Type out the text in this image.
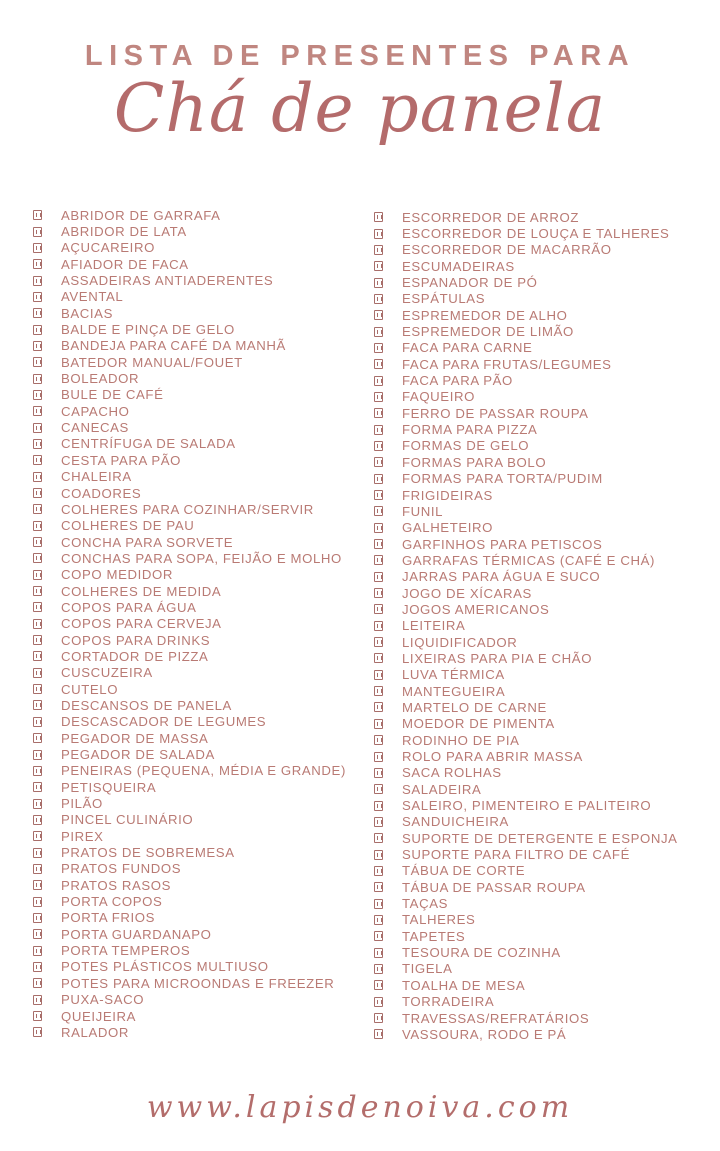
LISTA DE PRESENTES PARA
Chá de panela
ABRIDOR DE GARRAFA
ABRIDOR DE LATA
AÇUCAREIRO
AFIADOR DE FACA
ASSADEIRAS ANTIADERENTES
AVENTAL
BACIAS
BALDE E PINÇA DE GELO
BANDEJA PARA CAFÉ DA MANHÃ
BATEDOR MANUAL/FOUET
BOLEADOR
BULE DE CAFÉ
CAPACHO
CANECAS
CENTRÍFUGA DE SALADA
CESTA PARA PÃO
CHALEIRA
COADORES
COLHERES PARA COZINHAR/SERVIR
COLHERES DE PAU
CONCHA PARA SORVETE
CONCHAS PARA SOPA, FEIJÃO E MOLHO
COPO MEDIDOR
COLHERES DE MEDIDA
COPOS PARA ÁGUA
COPOS PARA CERVEJA
COPOS PARA DRINKS
CORTADOR DE PIZZA
CUSCUZEIRA
CUTELO
DESCANSOS DE PANELA
DESCASCADOR DE LEGUMES
PEGADOR DE MASSA
PEGADOR DE SALADA
PENEIRAS (PEQUENA, MÉDIA E GRANDE)
PETISQUEIRA
PILÃO
PINCEL CULINÁRIO
PIREX
PRATOS DE SOBREMESA
PRATOS FUNDOS
PRATOS RASOS
PORTA COPOS
PORTA FRIOS
PORTA GUARDANAPO
PORTA TEMPEROS
POTES PLÁSTICOS MULTIUSO
POTES PARA MICROONDAS E FREEZER
PUXA-SACO
QUEIJEIRA
RALADOR
ESCORREDOR DE ARROZ
ESCORREDOR DE LOUÇA E TALHERES
ESCORREDOR DE MACARRÃO
ESCUMADEIRAS
ESPANADOR DE PÓ
ESPÁTULAS
ESPREMEDOR DE ALHO
ESPREMEDOR DE LIMÃO
FACA PARA CARNE
FACA PARA FRUTAS/LEGUMES
FACA PARA PÃO
FAQUEIRO
FERRO DE PASSAR ROUPA
FORMA PARA PIZZA
FORMAS DE GELO
FORMAS PARA BOLO
FORMAS PARA TORTA/PUDIM
FRIGIDEIRAS
FUNIL
GALHETEIRO
GARFINHOS PARA PETISCOS
GARRAFAS TÉRMICAS (CAFÉ E CHÁ)
JARRAS PARA ÁGUA E SUCO
JOGO DE XÍCARAS
JOGOS AMERICANOS
LEITEIRA
LIQUIDIFICADOR
LIXEIRAS PARA PIA E CHÃO
LUVA TÉRMICA
MANTEGUEIRA
MARTELO DE CARNE
MOEDOR DE PIMENTA
RODINHO DE PIA
ROLO PARA ABRIR MASSA
SACA ROLHAS
SALADEIRA
SALEIRO, PIMENTEIRO E PALITEIRO
SANDUICHEIRA
SUPORTE DE DETERGENTE E ESPONJA
SUPORTE PARA FILTRO DE CAFÉ
TÁBUA DE CORTE
TÁBUA DE PASSAR ROUPA
TAÇAS
TALHERES
TAPETES
TESOURA DE COZINHA
TIGELA
TOALHA DE MESA
TORRADEIRA
TRAVESSAS/REFRATÁRIOS
VASSOURA, RODO E PÁ
www.lapisdenoiva.com
